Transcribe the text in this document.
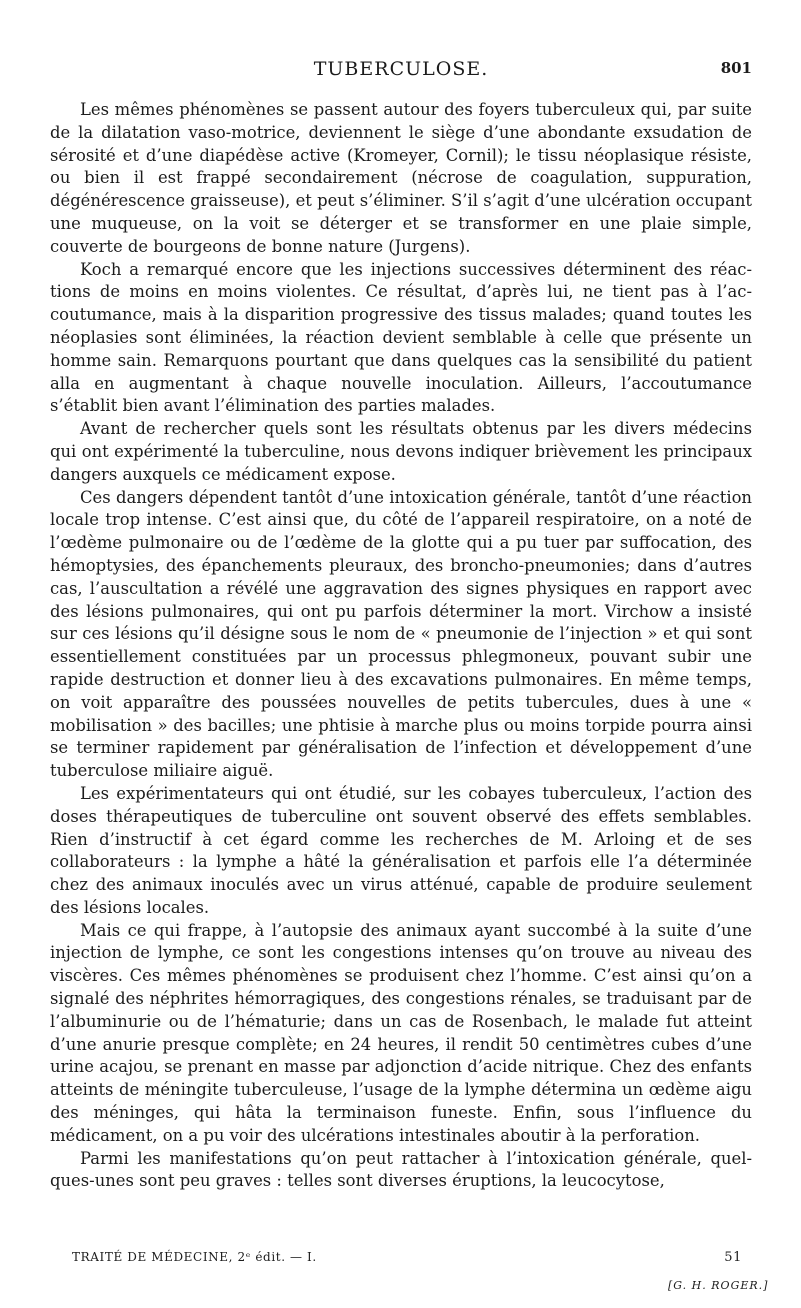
TUBERCULOSE.	801

Les mêmes phénomènes se passent autour des foyers tuberculeux qui, par suite de la dilatation vaso-motrice, deviennent le siège d’une abondante exsudation de sérosité et d’une diapédèse active (Kromeyer, Cornil); le tissu néoplasique résiste, ou bien il est frappé secondairement (nécrose de coagulation, suppuration, dégénérescence graisseuse), et peut s’éliminer. S’il s’agit d’une ulcération occupant une muqueuse, on la voit se déterger et se transformer en une plaie simple, couverte de bourgeons de bonne nature (Jurgens).

Koch a remarqué encore que les injections successives déterminent des réactions de moins en moins violentes. Ce résultat, d’après lui, ne tient pas à l’accoutumance, mais à la disparition progressive des tissus malades; quand toutes les néoplasies sont éliminées, la réaction devient semblable à celle que présente un homme sain. Remarquons pourtant que dans quelques cas la sensibilité du patient alla en augmentant à chaque nouvelle inoculation. Ailleurs, l’accoutumance s’établit bien avant l’élimination des parties malades.

Avant de rechercher quels sont les résultats obtenus par les divers médecins qui ont expérimenté la tuberculine, nous devons indiquer brièvement les principaux dangers auxquels ce médicament expose.

Ces dangers dépendent tantôt d’une intoxication générale, tantôt d’une réaction locale trop intense. C’est ainsi que, du côté de l’appareil respiratoire, on a noté de l’œdème pulmonaire ou de l’œdème de la glotte qui a pu tuer par suffocation, des hémoptysies, des épanchements pleuraux, des broncho-pneumonies; dans d’autres cas, l’auscultation a révélé une aggravation des signes physiques en rapport avec des lésions pulmonaires, qui ont pu parfois déterminer la mort. Virchow a insisté sur ces lésions qu’il désigne sous le nom de « pneumonie de l’injection » et qui sont essentiellement constituées par un processus phlegmoneux, pouvant subir une rapide destruction et donner lieu à des excavations pulmonaires. En même temps, on voit apparaître des poussées nouvelles de petits tubercules, dues à une « mobilisation » des bacilles; une phtisie à marche plus ou moins torpide pourra ainsi se terminer rapidement par généralisation de l’infection et développement d’une tuberculose miliaire aiguë.

Les expérimentateurs qui ont étudié, sur les cobayes tuberculeux, l’action des doses thérapeutiques de tuberculine ont souvent observé des effets semblables. Rien d’instructif à cet égard comme les recherches de M. Arloing et de ses collaborateurs : la lymphe a hâté la généralisation et parfois elle l’a déterminée chez des animaux inoculés avec un virus atténué, capable de produire seulement des lésions locales.

Mais ce qui frappe, à l’autopsie des animaux ayant succombé à la suite d’une injection de lymphe, ce sont les congestions intenses qu’on trouve au niveau des viscères. Ces mêmes phénomènes se produisent chez l’homme. C’est ainsi qu’on a signalé des néphrites hémorragiques, des congestions rénales, se traduisant par de l’albuminurie ou de l’hématurie; dans un cas de Rosenbach, le malade fut atteint d’une anurie presque complète; en 24 heures, il rendit 50 centimètres cubes d’une urine acajou, se prenant en masse par adjonction d’acide nitrique. Chez des enfants atteints de méningite tuberculeuse, l’usage de la lymphe détermina un œdème aigu des méninges, qui hâta la terminaison funeste. Enfin, sous l’influence du médicament, on a pu voir des ulcérations intestinales aboutir à la perforation.

Parmi les manifestations qu’on peut rattacher à l’intoxication générale, quelques-unes sont peu graves : telles sont diverses éruptions, la leucocytose,

TRAITÉ DE MÉDECINE, 2ᵉ édit. — I.	51
[G. H. ROGER.]
